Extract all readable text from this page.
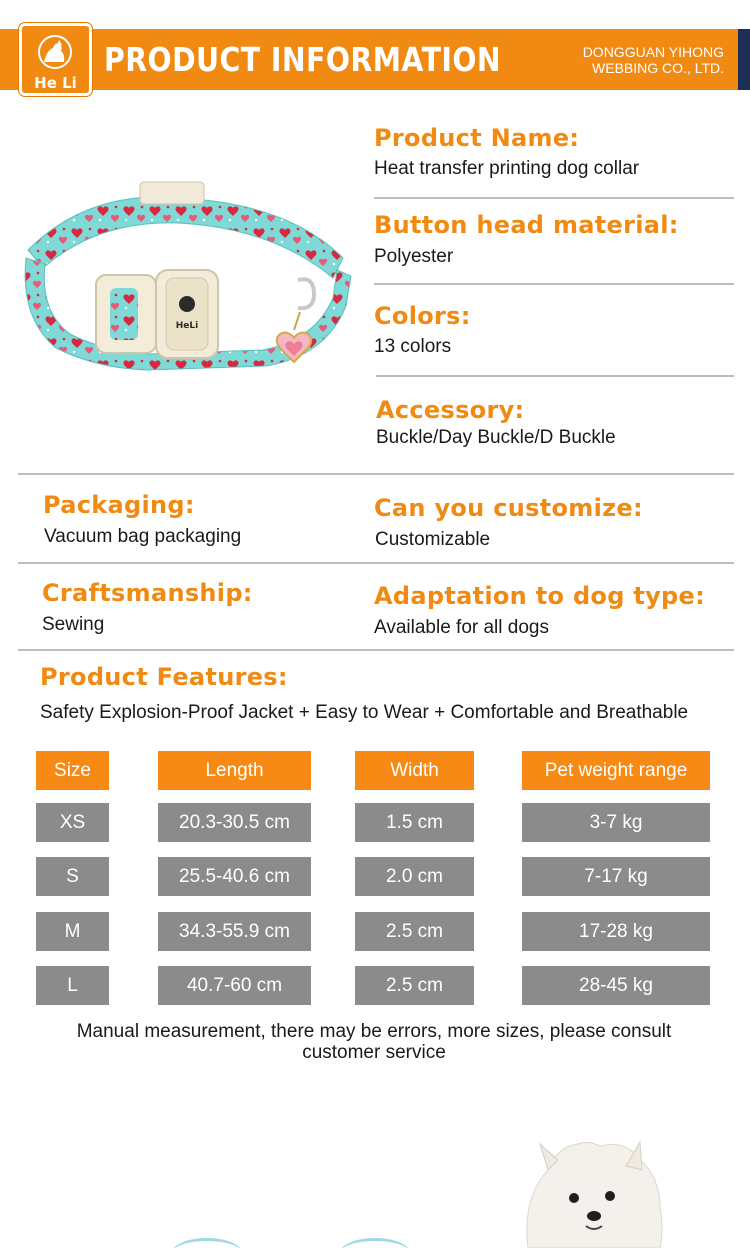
He Li
PRODUCT INFORMATION	DONGGUAN YIHONG
WEBBING CO., LTD.
HeLi
Product Name:
Heat transfer printing dog collar
Button head material:
Polyester
Colors:
13 colors
Accessory:
Buckle/Day Buckle/D Buckle
Packaging:
Vacuum bag packaging
Can you customize:
Customizable
Craftsmanship:
Sewing
Adaptation to dog type:
Available for all dogs
Product Features:
Safety Explosion-Proof Jacket + Easy to Wear + Comfortable and Breathable
Size	Length	Width	Pet weight range
XS	20.3-30.5 cm	1.5 cm	3-7 kg
S	25.5-40.6 cm	2.0 cm	7-17 kg
M	34.3-55.9 cm	2.5 cm	17-28 kg
L	40.7-60 cm	2.5 cm	28-45 kg
Manual measurement, there may be errors, more sizes, please consult customer service
